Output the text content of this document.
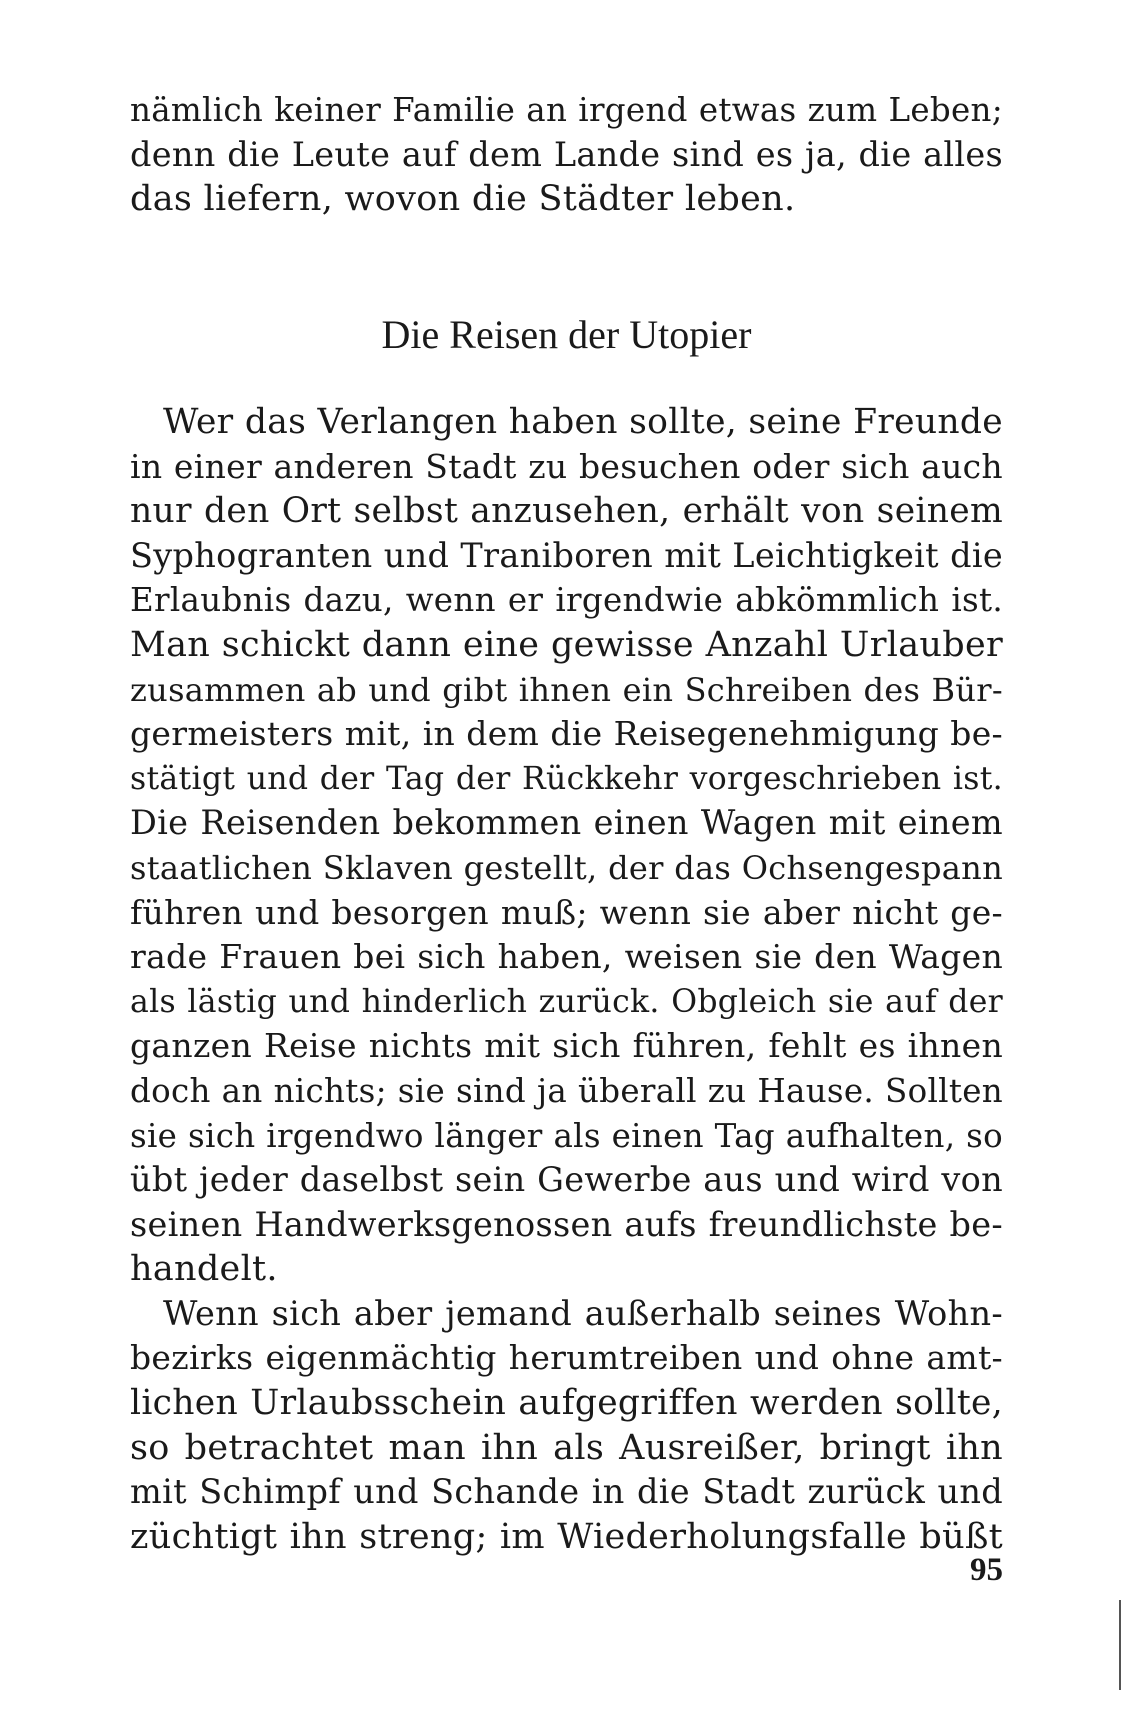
nämlich keiner Familie an irgend etwas zum Leben;
denn die Leute auf dem Lande sind es ja, die alles
das liefern, wovon die Städter leben.
Die Reisen der Utopier
Wer das Verlangen haben sollte, seine Freunde
in einer anderen Stadt zu besuchen oder sich auch
nur den Ort selbst anzusehen, erhält von seinem
Syphogranten und Traniboren mit Leichtigkeit die
Erlaubnis dazu, wenn er irgendwie abkömmlich ist.
Man schickt dann eine gewisse Anzahl Urlauber
zusammen ab und gibt ihnen ein Schreiben des Bür-
germeisters mit, in dem die Reisegenehmigung be-
stätigt und der Tag der Rückkehr vorgeschrieben ist.
Die Reisenden bekommen einen Wagen mit einem
staatlichen Sklaven gestellt, der das Ochsengespann
führen und besorgen muß; wenn sie aber nicht ge-
rade Frauen bei sich haben, weisen sie den Wagen
als lästig und hinderlich zurück. Obgleich sie auf der
ganzen Reise nichts mit sich führen, fehlt es ihnen
doch an nichts; sie sind ja überall zu Hause. Sollten
sie sich irgendwo länger als einen Tag aufhalten, so
übt jeder daselbst sein Gewerbe aus und wird von
seinen Handwerksgenossen aufs freundlichste be-
handelt.
Wenn sich aber jemand außerhalb seines Wohn-
bezirks eigenmächtig herumtreiben und ohne amt-
lichen Urlaubsschein aufgegriffen werden sollte,
so betrachtet man ihn als Ausreißer, bringt ihn
mit Schimpf und Schande in die Stadt zurück und
züchtigt ihn streng; im Wiederholungsfalle büßt
95
